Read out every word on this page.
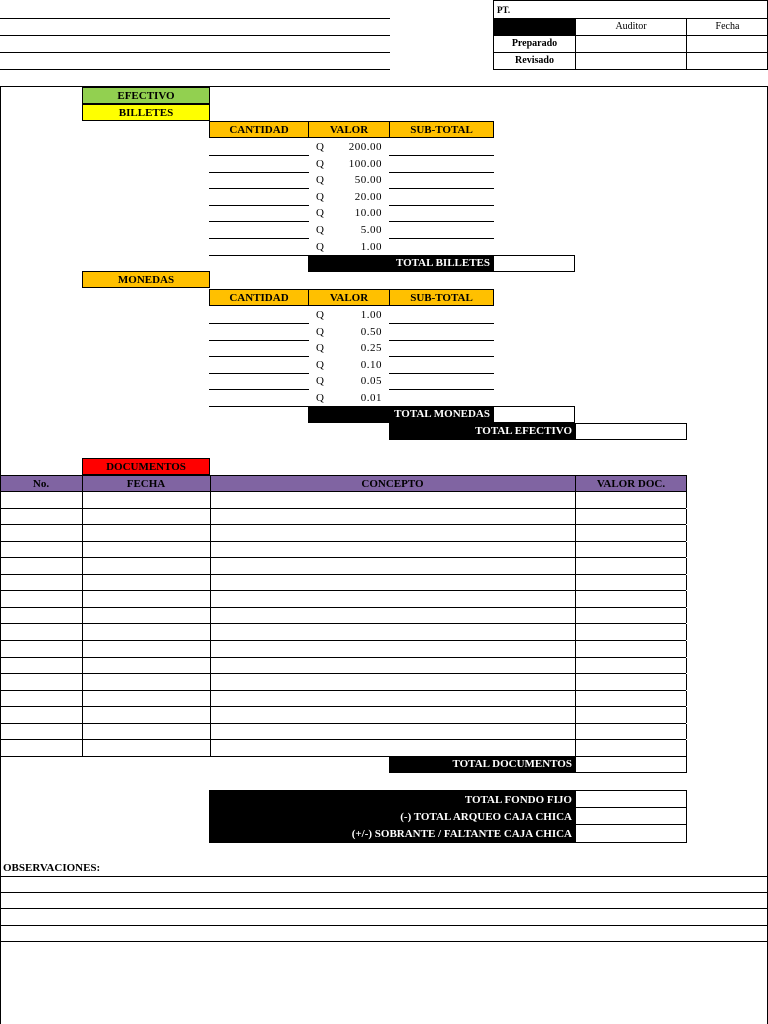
PT.
Auditor	Fecha
Preparado
Revisado
EFECTIVO
BILLETES
CANTIDAD	VALOR	SUB-TOTAL
Q	200.00
Q	100.00
Q	50.00
Q	20.00
Q	10.00
Q	5.00
Q	1.00
TOTAL BILLETES
MONEDAS
CANTIDAD	VALOR	SUB-TOTAL
Q	1.00
Q	0.50
Q	0.25
Q	0.10
Q	0.05
Q	0.01
TOTAL MONEDAS
TOTAL EFECTIVO
DOCUMENTOS
No.	FECHA	CONCEPTO	VALOR DOC.
TOTAL DOCUMENTOS
TOTAL FONDO FIJO
(-) TOTAL ARQUEO CAJA CHICA
(+/-) SOBRANTE / FALTANTE CAJA CHICA
OBSERVACIONES:
